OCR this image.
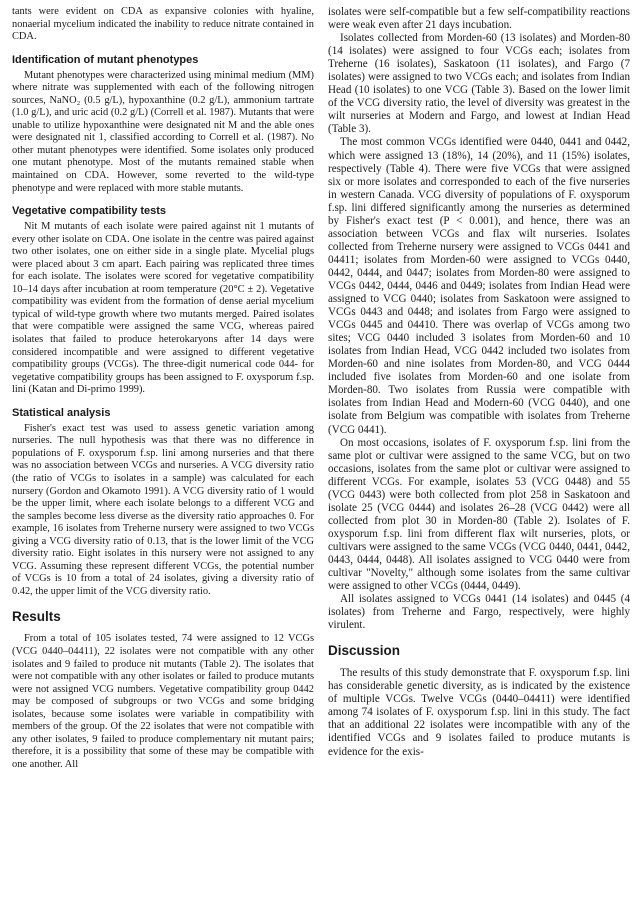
tants were evident on CDA as expansive colonies with hyaline, nonaerial mycelium indicated the inability to reduce nitrate contained in CDA.

Identification of mutant phenotypes

Mutant phenotypes were characterized using minimal medium (MM) where nitrate was supplemented with each of the following nitrogen sources, NaNO₂ (0.5 g/L), hypoxanthine (0.2 g/L), ammonium tartrate (1.0 g/L), and uric acid (0.2 g/L) (Correll et al. 1987). Mutants that were unable to utilize hypoxanthine were designated nit M and the able ones were designated nit 1, classified according to Correll et al. (1987). No other mutant phenotypes were identified. Some isolates only produced one mutant phenotype. Most of the mutants remained stable when maintained on CDA. However, some reverted to the wild-type phenotype and were replaced with more stable mutants.

Vegetative compatibility tests

Nit M mutants of each isolate were paired against nit 1 mutants of every other isolate on CDA. One isolate in the centre was paired against two other isolates, one on either side in a single plate. Mycelial plugs were placed about 3 cm apart. Each pairing was replicated three times for each isolate. The isolates were scored for vegetative compatibility 10–14 days after incubation at room temperature (20°C ± 2). Vegetative compatibility was evident from the formation of dense aerial mycelium typical of wild-type growth where two mutants merged. Paired isolates that were compatible were assigned the same VCG, whereas paired isolates that failed to produce heterokaryons after 14 days were considered incompatible and were assigned to different vegetative compatibility groups (VCGs). The three-digit numerical code 044- for vegetative compatibility groups has been assigned to F. oxysporum f.sp. lini (Katan and Di-primo 1999).

Statistical analysis

Fisher's exact test was used to assess genetic variation among nurseries. The null hypothesis was that there was no difference in populations of F. oxysporum f.sp. lini among nurseries and that there was no association between VCGs and nurseries. A VCG diversity ratio (the ratio of VCGs to isolates in a sample) was calculated for each nursery (Gordon and Okamoto 1991). A VCG diversity ratio of 1 would be the upper limit, where each isolate belongs to a different VCG and the samples become less diverse as the diversity ratio approaches 0. For example, 16 isolates from Treherne nursery were assigned to two VCGs giving a VCG diversity ratio of 0.13, that is the lower limit of the VCG diversity ratio. Eight isolates in this nursery were not assigned to any VCG. Assuming these represent different VCGs, the potential number of VCGs is 10 from a total of 24 isolates, giving a diversity ratio of 0.42, the upper limit of the VCG diversity ratio.

Results

From a total of 105 isolates tested, 74 were assigned to 12 VCGs (VCG 0440–04411), 22 isolates were not compatible with any other isolates and 9 failed to produce nit mutants (Table 2). The isolates that were not compatible with any other isolates or failed to produce mutants were not assigned VCG numbers. Vegetative compatibility group 0442 may be composed of subgroups or two VCGs and some bridging isolates, because some isolates were variable in compatibility with members of the group. Of the 22 isolates that were not compatible with any other isolates, 9 failed to produce complementary nit mutant pairs; therefore, it is a possibility that some of these may be compatible with one another. All

isolates were self-compatible but a few self-compatibility reactions were weak even after 21 days incubation.

Isolates collected from Morden-60 (13 isolates) and Morden-80 (14 isolates) were assigned to four VCGs each; isolates from Treherne (16 isolates), Saskatoon (11 isolates), and Fargo (7 isolates) were assigned to two VCGs each; and isolates from Indian Head (10 isolates) to one VCG (Table 3). Based on the lower limit of the VCG diversity ratio, the level of diversity was greatest in the wilt nurseries at Modern and Fargo, and lowest at Indian Head (Table 3).

The most common VCGs identified were 0440, 0441 and 0442, which were assigned 13 (18%), 14 (20%), and 11 (15%) isolates, respectively (Table 4). There were five VCGs that were assigned six or more isolates and corresponded to each of the five nurseries in western Canada. VCG diversity of populations of F. oxysporum f.sp. lini differed significantly among the nurseries as determined by Fisher's exact test (P < 0.001), and hence, there was an association between VCGs and flax wilt nurseries. Isolates collected from Treherne nursery were assigned to VCGs 0441 and 04411; isolates from Morden-60 were assigned to VCGs 0440, 0442, 0444, and 0447; isolates from Morden-80 were assigned to VCGs 0442, 0444, 0446 and 0449; isolates from Indian Head were assigned to VCG 0440; isolates from Saskatoon were assigned to VCGs 0443 and 0448; and isolates from Fargo were assigned to VCGs 0445 and 04410. There was overlap of VCGs among two sites; VCG 0440 included 3 isolates from Morden-60 and 10 isolates from Indian Head, VCG 0442 included two isolates from Morden-60 and nine isolates from Morden-80, and VCG 0444 included five isolates from Morden-60 and one isolate from Morden-80. Two isolates from Russia were compatible with isolates from Indian Head and Modern-60 (VCG 0440), and one isolate from Belgium was compatible with isolates from Treherne (VCG 0441).

On most occasions, isolates of F. oxysporum f.sp. lini from the same plot or cultivar were assigned to the same VCG, but on two occasions, isolates from the same plot or cultivar were assigned to different VCGs. For example, isolates 53 (VCG 0448) and 55 (VCG 0443) were both collected from plot 258 in Saskatoon and isolate 25 (VCG 0444) and isolates 26–28 (VCG 0442) were all collected from plot 30 in Morden-80 (Table 2). Isolates of F. oxysporum f.sp. lini from different flax wilt nurseries, plots, or cultivars were assigned to the same VCGs (VCG 0440, 0441, 0442, 0443, 0444, 0448). All isolates assigned to VCG 0440 were from cultivar "Novelty," although some isolates from the same cultivar were assigned to other VCGs (0444, 0449).

All isolates assigned to VCGs 0441 (14 isolates) and 0445 (4 isolates) from Treherne and Fargo, respectively, were highly virulent.

Discussion

The results of this study demonstrate that F. oxysporum f.sp. lini has considerable genetic diversity, as is indicated by the existence of multiple VCGs. Twelve VCGs (0440–04411) were identified among 74 isolates of F. oxysporum f.sp. lini in this study. The fact that an additional 22 isolates were incompatible with any of the identified VCGs and 9 isolates failed to produce mutants is evidence for the exis-
